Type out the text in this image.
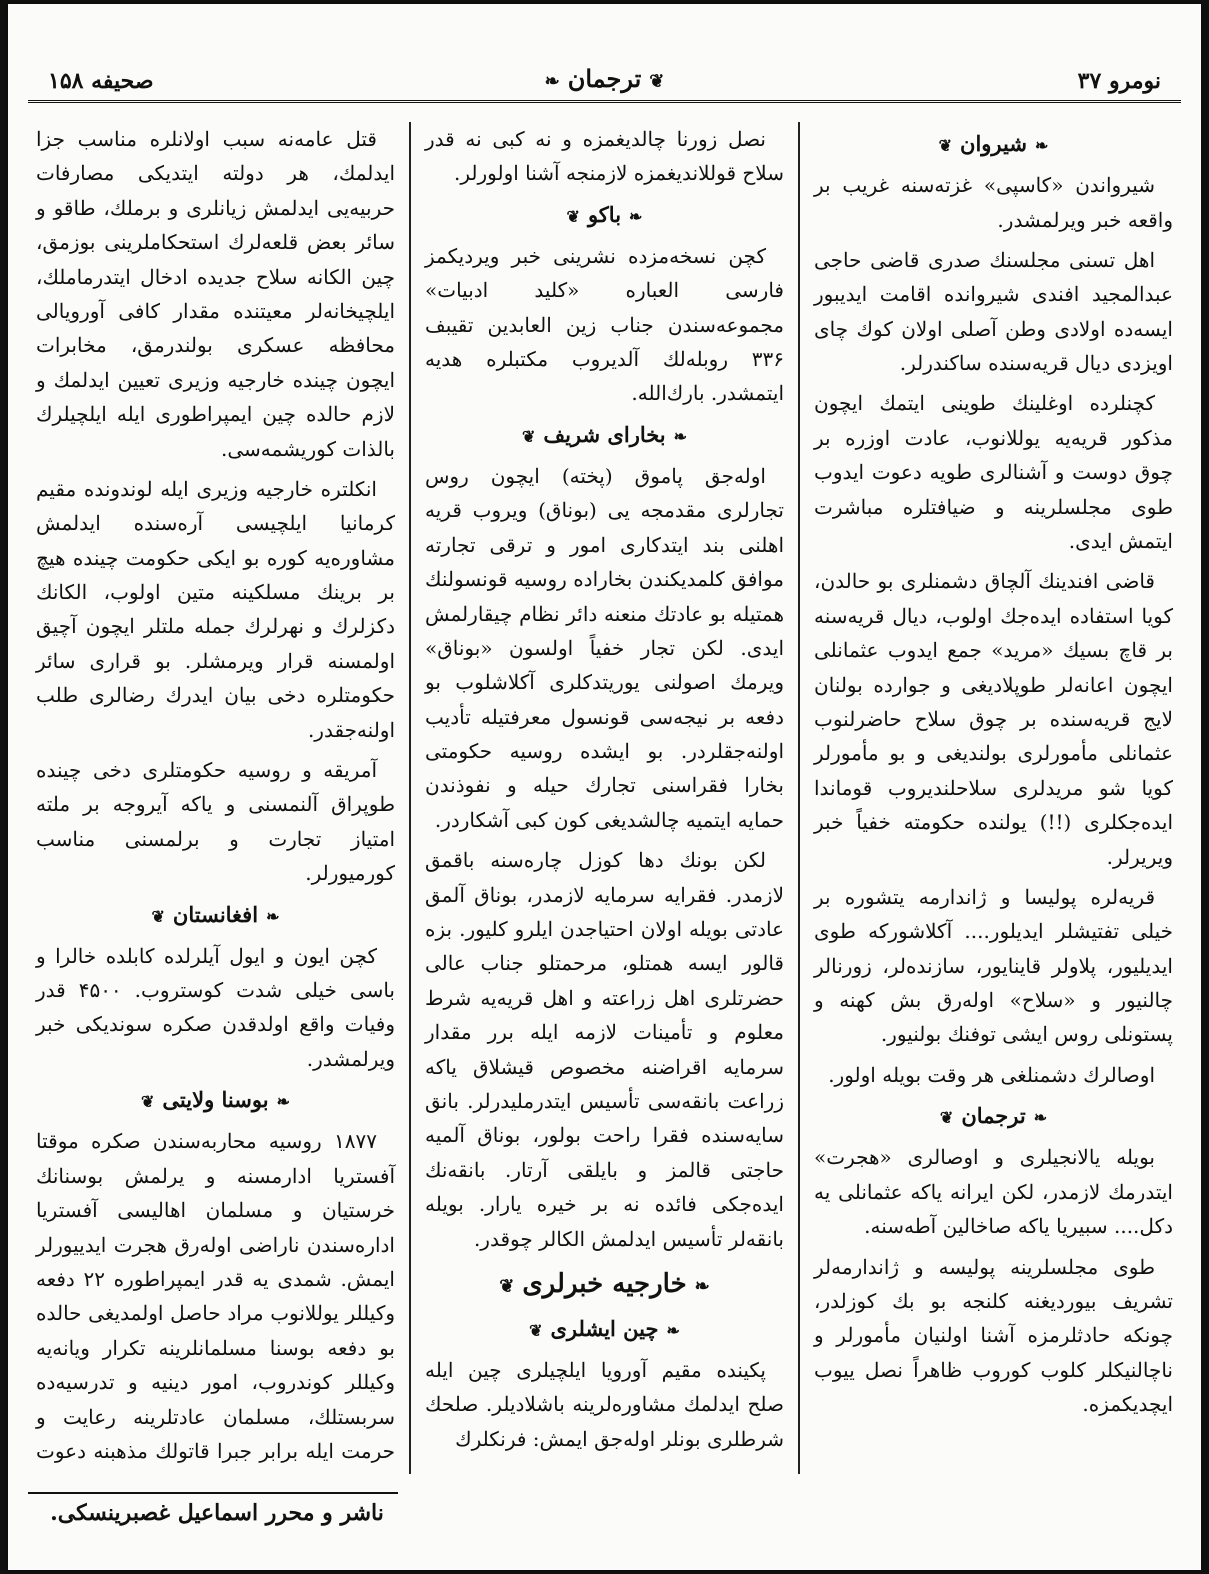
نومرو ۳۷
❦ترجمان❧
صحیفه ۱۵۸
❧شیروان❦

شیرواندن «کاسپی» غزته‌سنه غریب بر واقعه خبر ویرلمشدر.

اهل تسنی مجلسنك صدری قاضی حاجی عبدالمجید افندی شیروانده اقامت ایدیبور ایسه‌ده اولادی وطن آصلی اولان کوك چای اویزدی دیال قریه‌سنده ساکندرلر.

کچنلرده اوغلینك طوینی ایتمك ایچون مذکور قریه‌یه یوللانوب، عادت اوزره بر چوق دوست و آشنالری طویه دعوت ایدوب طوی مجلسلرینه و ضیافتلره مباشرت ایتمش ایدی.

قاضی افندینك آلچاق دشمنلری بو حالدن، کویا استفاده ایده‌جك اولوب، دیال قریه‌سنه بر قاچ بسیك «مرید» جمع ایدوب عثمانلی ایچون اعانه‌لر طوپلادیغی و جوارده بولنان لایج قریه‌سنده بر چوق سلاح حاضرلنوب عثمانلی مأمورلری بولندیغی و بو مأمورلر کویا شو مریدلری سلاحلندیروب قوماندا ایده‌جکلری (!!) یولنده حکومته خفیاً خبر ویریرلر.

قریه‌لره پولیسا و ژاندارمه یتشوره بر خیلی تفتیشلر ایدیلور.... آکلاشورکه طوی ایدیلیور، پلاولر قاینایور، سازنده‌لر، زورنالر چالنیور و «سلاح» اوله‌رق بش کهنه و پستونلی روس ایشی توفنك بولنیور.

اوصالرك دشمنلغی هر وقت بویله اولور.

❧ترجمان❦

بویله یالانجیلری و اوصالری «هجرت» ایتدرمك لازمدر، لکن ایرانه یاکه عثمانلی یه دکل.... سبیریا یاکه صاخالین آطه‌سنه.

طوی مجلسلرینه پولیسه و ژاندارمه‌لر تشریف بیوردیغنه کلنجه بو بك کوزلدر، چونکه حادثلرمزه آشنا اولنیان مأمورلر و ناچالنیکلر کلوب کوروب ظاهراً نصل ییوب ایچدیکمزه.

نصل زورنا چالدیغمزه و نه کبی نه قدر سلاح قوللاندیغمزه لازمنجه آشنا اولورلر.

❧باکو❦

کچن نسخه‌مزده نشرینی خبر ویردیکمز فارسی العباره «کلید ادبیات» مجموعه‌سندن جناب زین العابدین تقیبف ۳۳۶ روبله‌لك آلدیروب مکتبلره هدیه ایتمشدر. بارك‌الله.

❧بخارای شریف❦

اوله‌جق پاموق (پخته) ایچون روس تجارلری مقدمجه یی (بوناق) ویروب قریه اهلنی بند ایتدکاری امور و ترقی تجارته موافق کلمدیکندن بخاراده روسیه قونسولنك همتیله بو عادتك منعنه دائر نظام چیقارلمش ایدی. لکن تجار خفیاً اولسون «بوناق» ویرمك اصولنی یوریتدکلری آکلاشلوب بو دفعه بر نیجه‌سی قونسول معرفتیله تأدیب اولنه‌جقلردر. بو ایشده روسیه حکومتی بخارا فقراسنی تجارك حیله و نفوذندن حمایه ایتمیه چالشدیغی کون کبی آشکاردر.

لکن بونك دها کوزل چاره‌سنه باقمق لازمدر. فقرایه سرمایه لازمدر، بوناق آلمق عادتی بویله اولان احتیاجدن ایلرو کلیور. بزه قالور ایسه همتلو، مرحمتلو جناب عالی حضرتلری اهل زراعته و اهل قریه‌یه شرط معلوم و تأمینات لازمه ایله برر مقدار سرمایه اقراضنه مخصوص قیشلاق یاکه زراعت بانقه‌سی تأسیس ایتدرملیدرلر. بانق سایه‌سنده فقرا راحت بولور، بوناق آلمیه حاجتی قالمز و بایلقی آرتار. بانقه‌نك ایده‌جکی فائده نه بر خیره یارار. بویله بانقه‌لر تأسیس ایدلمش الکالر چوقدر.

❧خارجیه خبرلری❦
❧چین ایشلری❦

پکینده مقیم آورویا ایلچیلری چین ایله صلح ایدلمك مشاوره‌لرینه باشلادیلر. صلحك شرطلری بونلر اوله‌جق ایمش: فرنکلرك

قتل عامه‌نه سبب اولانلره مناسب جزا ایدلمك، هر دولته ایتدیکی مصارفات حربیه‌یی ایدلمش زیانلری و برملك، طاقو و سائر بعض قلعه‌لرك استحکاملرینی بوزمق، چین الکانه سلاح جدیده ادخال ایتدرماملك، ایلچیخانه‌لر معیتنده مقدار کافی آورویالی محافظه عسکری بولندرمق، مخابرات ایچون چینده خارجیه وزیری تعیین ایدلمك و لازم حالده چین ایمپراطوری ایله ایلچیلرك بالذات کوریشمه‌سی.

انکلتره خارجیه وزیری ایله لوندونده مقیم کرمانیا ایلچیسی آره‌سنده ایدلمش مشاوره‌یه کوره بو ایکی حکومت چینده هیچ بر برینك مسلکینه متین اولوب، الکانك دکزلرك و نهرلرك جمله ملتلر ایچون آچیق اولمسنه قرار ویرمشلر. بو قراری سائر حکومتلره دخی بیان ایدرك رضالری طلب اولنه‌جقدر.

آمریقه و روسیه حکومتلری دخی چینده طوپراق آلنمسنی و یاکه آیروجه بر ملته امتیاز تجارت و برلمسنی مناسب کورمیورلر.

❧افغانستان❦

کچن ایون و ایول آیلرلده کابلده خالرا و باسی خیلی شدت کوستروب. ۴۵۰۰ قدر وفیات واقع اولدقدن صکره سوندیکی خبر ویرلمشدر.

❧بوسنا ولایتی❦

۱۸۷۷ روسیه محاربه‌سندن صکره موقتا آفستریا ادارمسنه و یرلمش بوسنانك خرستیان و مسلمان اهالیسی آفستریا اداره‌سندن ناراضی اوله‌رق هجرت ایدییورلر ایمش. شمدی یه قدر ایمپراطوره ۲۲ دفعه وکیللر یوللانوب مراد حاصل اولمدیغی حالده بو دفعه بوسنا مسلمانلرینه تکرار ویانه‌یه وکیللر کوندروب، امور دینیه و تدرسیه‌ده سربستلك، مسلمان عادتلرینه رعایت و حرمت ایله برابر جبرا قاتولك مذهبنه دعوت

ناشر و محرر اسماعیل غصبرینسکی.
